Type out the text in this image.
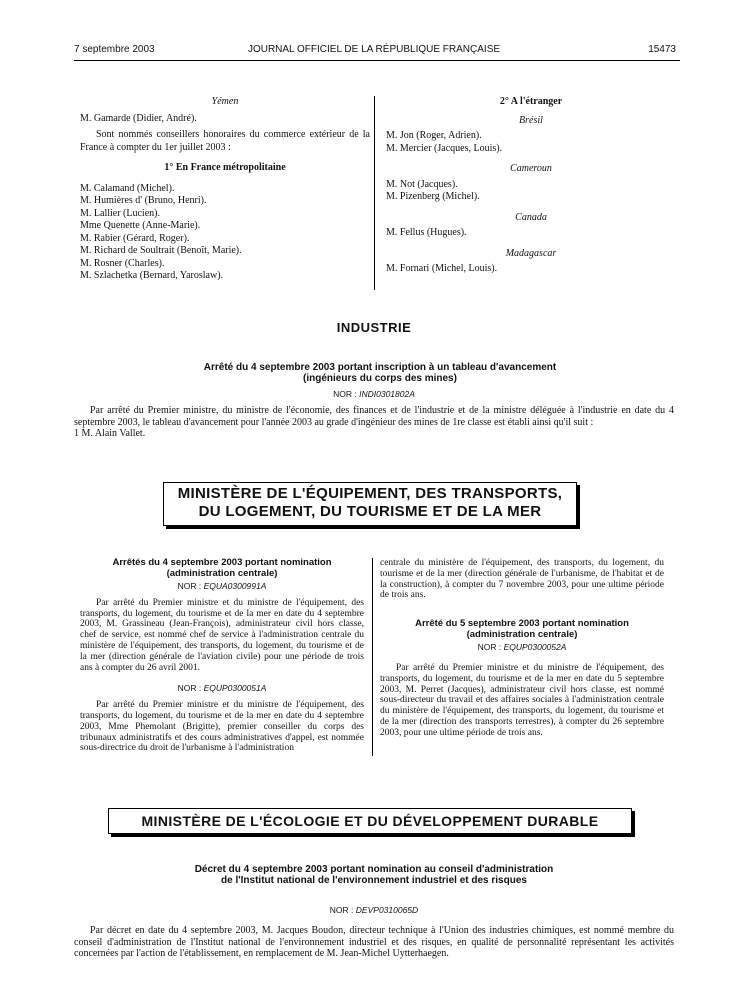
7 septembre 2003	JOURNAL OFFICIEL DE LA RÉPUBLIQUE FRANÇAISE	15473
Yémen
M. Gamarde (Didier, André).
Sont nommés conseillers honoraires du commerce extérieur de la France à compter du 1er juillet 2003 :
1° En France métropolitaine
M. Calamand (Michel).
M. Humières d' (Bruno, Henri).
M. Lallier (Lucien).
Mme Quenette (Anne-Marie).
M. Rabier (Gérard, Roger).
M. Richard de Soultrait (Benoît, Marie).
M. Rosner (Charles).
M. Szlachetka (Bernard, Yaroslaw).
2° A l'étranger
Brésil
M. Jon (Roger, Adrien).
M. Mercier (Jacques, Louis).
Cameroun
M. Not (Jacques).
M. Pizenberg (Michel).
Canada
M. Fellus (Hugues).
Madagascar
M. Fornari (Michel, Louis).
INDUSTRIE
Arrêté du 4 septembre 2003 portant inscription à un tableau d'avancement
(ingénieurs du corps des mines)
NOR : INDI0301802A
Par arrêté du Premier ministre, du ministre de l'économie, des finances et de l'industrie et de la ministre déléguée à l'industrie en date du 4 septembre 2003, le tableau d'avancement pour l'année 2003 au grade d'ingénieur des mines de 1re classe est établi ainsi qu'il suit :
1 M. Alain Vallet.
MINISTÈRE DE L'ÉQUIPEMENT, DES TRANSPORTS,
DU LOGEMENT, DU TOURISME ET DE LA MER
Arrêtés du 4 septembre 2003 portant nomination
(administration centrale)
NOR : EQUA0300991A
Par arrêté du Premier ministre et du ministre de l'équipement, des transports, du logement, du tourisme et de la mer en date du 4 septembre 2003, M. Grassineau (Jean-François), administrateur civil hors classe, chef de service, est nommé chef de service à l'administration centrale du ministère de l'équipement, des transports, du logement, du tourisme et de la mer (direction générale de l'aviation civile) pour une période de trois ans à compter du 26 avril 2001.
NOR : EQUP0300051A
Par arrêté du Premier ministre et du ministre de l'équipement, des transports, du logement, du tourisme et de la mer en date du 4 septembre 2003, Mme Phemolant (Brigitte), premier conseiller du corps des tribunaux administratifs et des cours administratives d'appel, est nommée sous-directrice du droit de l'urbanisme à l'administration
centrale du ministère de l'équipement, des transports, du logement, du tourisme et de la mer (direction générale de l'urbanisme, de l'habitat et de la construction), à compter du 7 novembre 2003, pour une ultime période de trois ans.
Arrêté du 5 septembre 2003 portant nomination
(administration centrale)
NOR : EQUP0300052A
Par arrêté du Premier ministre et du ministre de l'équipement, des transports, du logement, du tourisme et de la mer en date du 5 septembre 2003, M. Perret (Jacques), administrateur civil hors classe, est nommé sous-directeur du travail et des affaires sociales à l'administration centrale du ministère de l'équipement, des transports, du logement, du tourisme et de la mer (direction des transports terrestres), à compter du 26 septembre 2003, pour une ultime période de trois ans.
MINISTÈRE DE L'ÉCOLOGIE ET DU DÉVELOPPEMENT DURABLE
Décret du 4 septembre 2003 portant nomination au conseil d'administration
de l'Institut national de l'environnement industriel et des risques
NOR : DEVP0310065D
Par décret en date du 4 septembre 2003, M. Jacques Boudon, directeur technique à l'Union des industries chimiques, est nommé membre du conseil d'administration de l'Institut national de l'environnement industriel et des risques, en qualité de personnalité représentant les activités concernées par l'action de l'établissement, en remplacement de M. Jean-Michel Uytterhaegen.
